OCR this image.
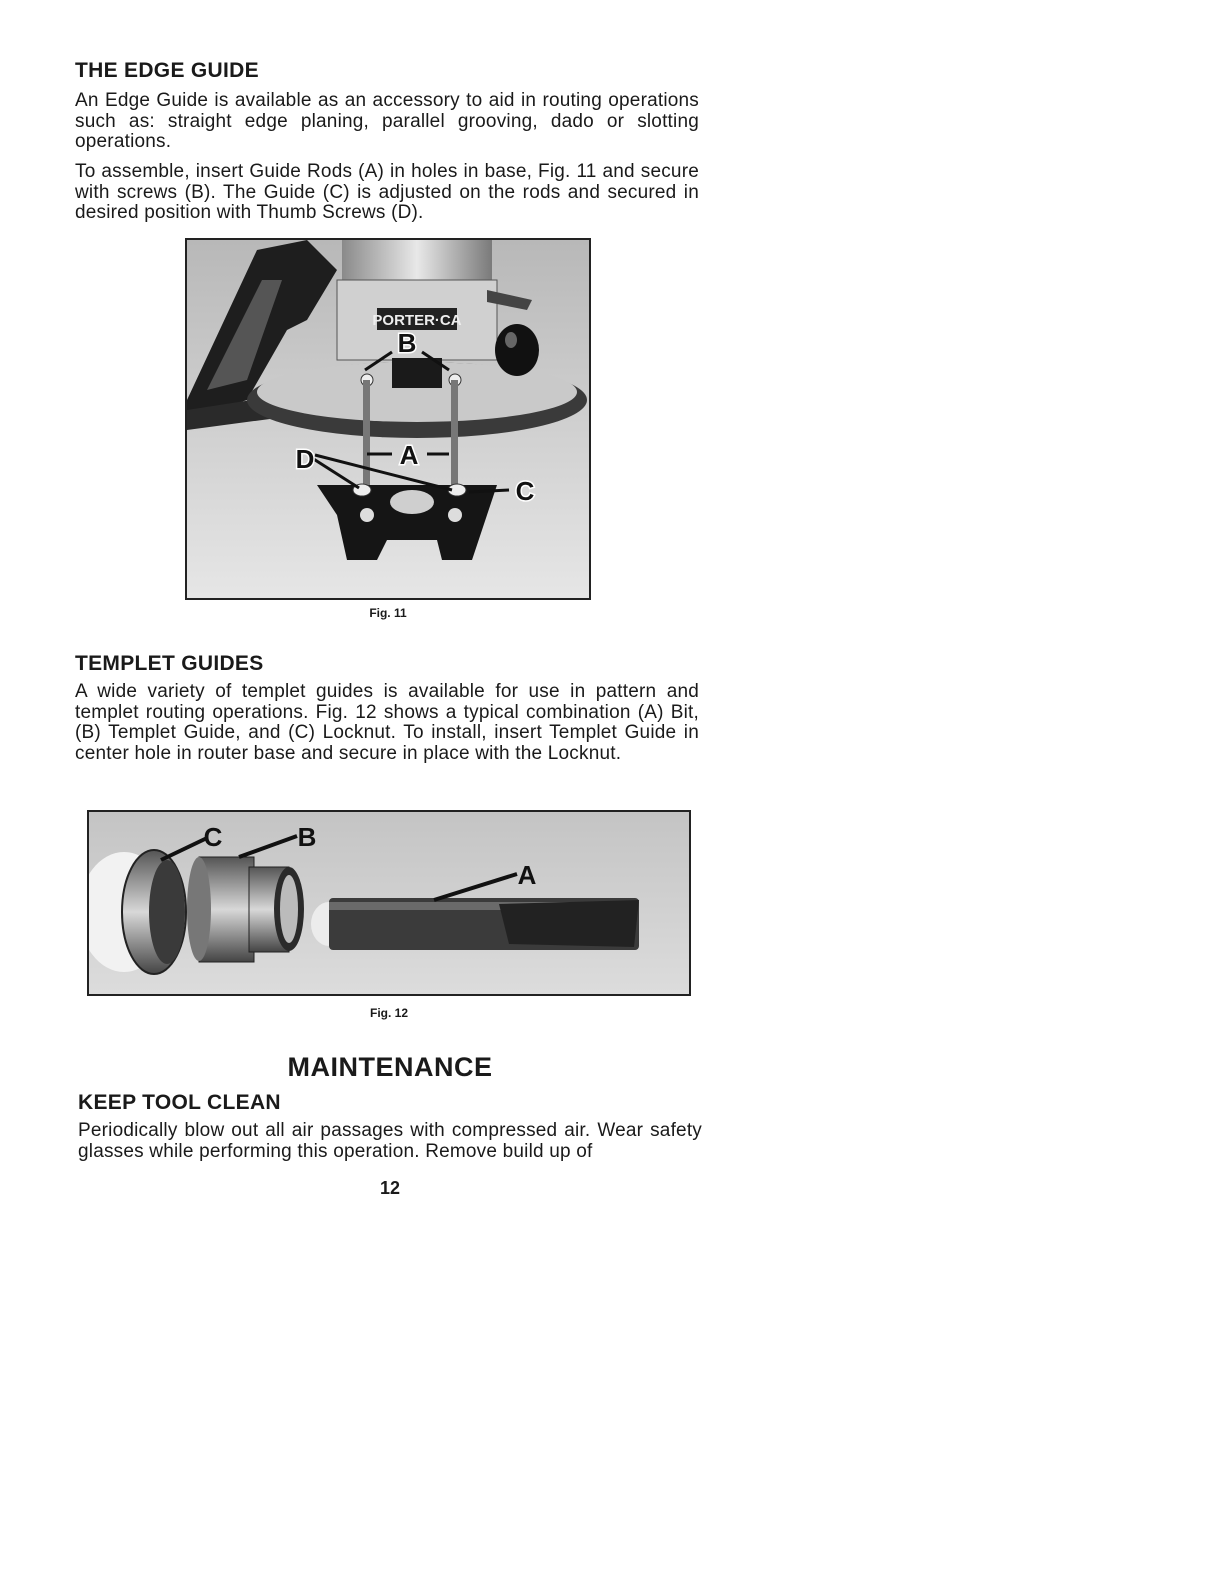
THE EDGE GUIDE

An Edge Guide is available as an accessory to aid in routing operations such as: straight edge planing, parallel grooving, dado or slotting operations.

To assemble, insert Guide Rods (A) in holes in base, Fig. 11 and secure with screws (B). The Guide (C) is adjusted on the rods and secured in desired position with Thumb Screws (D).

PORTER·CA
B
A
D
C
Fig. 11
TEMPLET GUIDES

A wide variety of templet guides is available for use in pattern and templet routing operations. Fig. 12 shows a typical combination (A) Bit, (B) Templet Guide, and (C) Locknut. To install, insert Templet Guide in center hole in router base and secure in place with the Locknut.

C	B
A
Fig. 12
MAINTENANCE
KEEP TOOL CLEAN

Periodically blow out all air passages with compressed air. Wear safety glasses while performing this operation. Remove build up of

12
